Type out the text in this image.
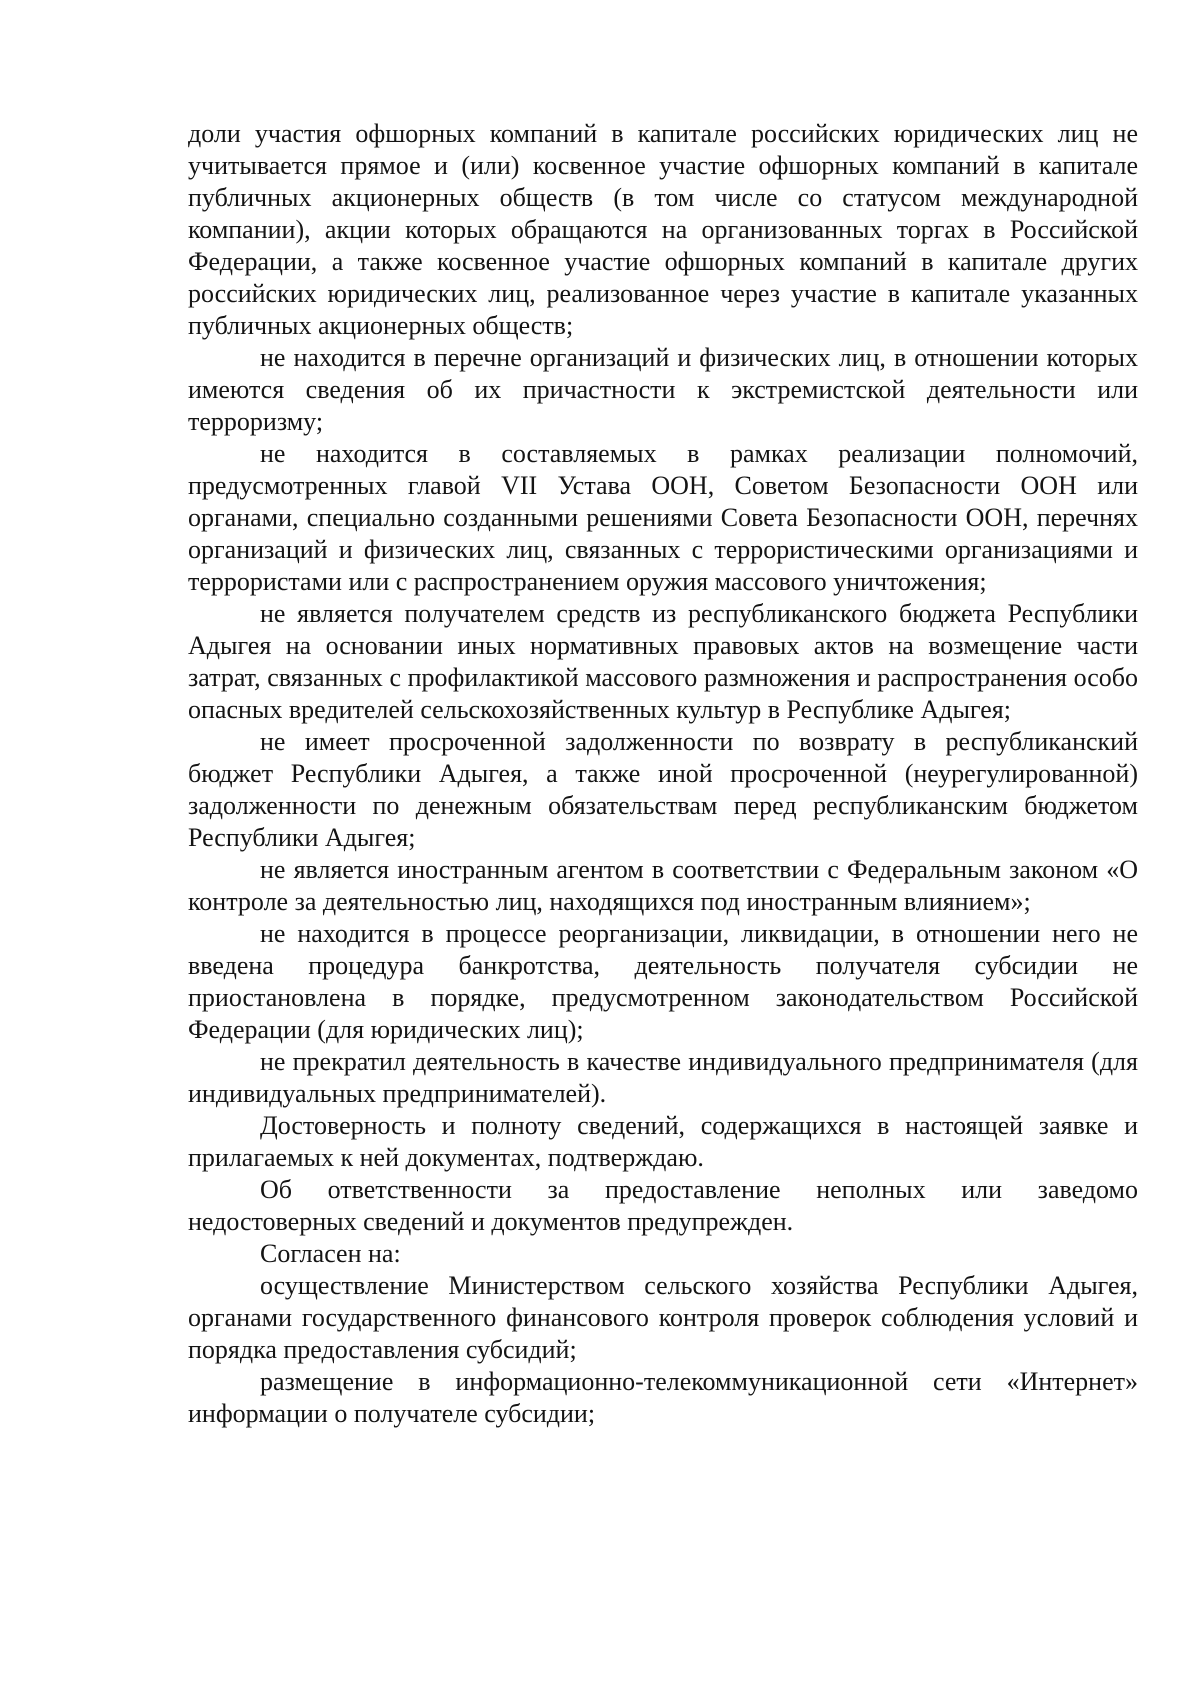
доли участия офшорных компаний в капитале российских юридических лиц не учитывается прямое и (или) косвенное участие офшорных компаний в капитале публичных акционерных обществ (в том числе со статусом международной компании), акции которых обращаются на организованных торгах в Российской Федерации, а также косвенное участие офшорных компаний в капитале других российских юридических лиц, реализованное через участие в капитале указанных публичных акционерных обществ;

не находится в перечне организаций и физических лиц, в отношении которых имеются сведения об их причастности к экстремистской деятельности или терроризму;

не находится в составляемых в рамках реализации полномочий, предусмотренных главой VII Устава ООН, Советом Безопасности ООН или органами, специально созданными решениями Совета Безопасности ООН, перечнях организаций и физических лиц, связанных с террористическими организациями и террористами или с распространением оружия массового уничтожения;

не является получателем средств из республиканского бюджета Республики Адыгея на основании иных нормативных правовых актов на возмещение части затрат, связанных с профилактикой массового размножения и распространения особо опасных вредителей сельскохозяйственных культур в Республике Адыгея;

не имеет просроченной задолженности по возврату в республиканский бюджет Республики Адыгея, а также иной просроченной (неурегулированной) задолженности по денежным обязательствам перед республиканским бюджетом Республики Адыгея;

не является иностранным агентом в соответствии с Федеральным законом «О контроле за деятельностью лиц, находящихся под иностранным влиянием»;

не находится в процессе реорганизации, ликвидации, в отношении него не введена процедура банкротства, деятельность получателя субсидии не приостановлена в порядке, предусмотренном законодательством Российской Федерации (для юридических лиц);

не прекратил деятельность в качестве индивидуального предпринимателя (для индивидуальных предпринимателей).

Достоверность и полноту сведений, содержащихся в настоящей заявке и прилагаемых к ней документах, подтверждаю.

Об ответственности за предоставление неполных или заведомо недостоверных сведений и документов предупрежден.

Согласен на:

осуществление Министерством сельского хозяйства Республики Адыгея, органами государственного финансового контроля проверок соблюдения условий и порядка предоставления субсидий;

размещение в информационно-телекоммуникационной сети «Интернет» информации о получателе субсидии;
